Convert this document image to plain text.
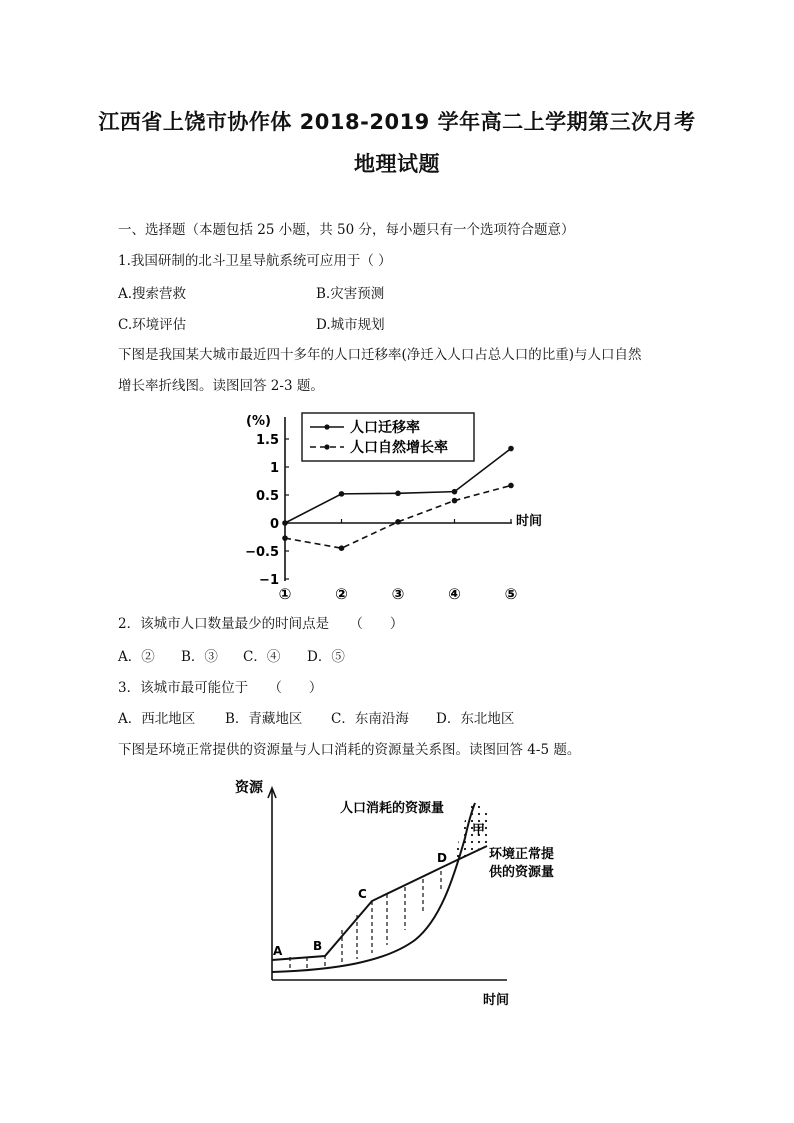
江西省上饶市协作体 2018-2019 学年高二上学期第三次月考
地理试题
一、选择题（本题包括 25 小题，共 50 分，每小题只有一个选项符合题意）
1.我国研制的北斗卫星导航系统可应用于（ ）
A.搜索营救	B.灾害预测
C.环境评估	D.城市规划
下图是我国某大城市最近四十多年的人口迁移率(净迁入人口占总人口的比重)与人口自然
增长率折线图。读图回答 2-3 题。
(%)
时间
1.5
1
0.5
0
−0.5
−1
①	②	③	④	⑤
人口迁移率
人口自然增长率
2．该城市人口数量最少的时间点是　　（　　）
A．② B．③ C．④ D．⑤
3．该城市最可能位于　　（　　）
A．西北地区 B．青藏地区 C．东南沿海 D．东北地区
下图是环境正常提供的资源量与人口消耗的资源量关系图。读图回答 4-5 题。
资源
时间
A	B
C
D
甲
人口消耗的资源量
环境正常提
供的资源量
